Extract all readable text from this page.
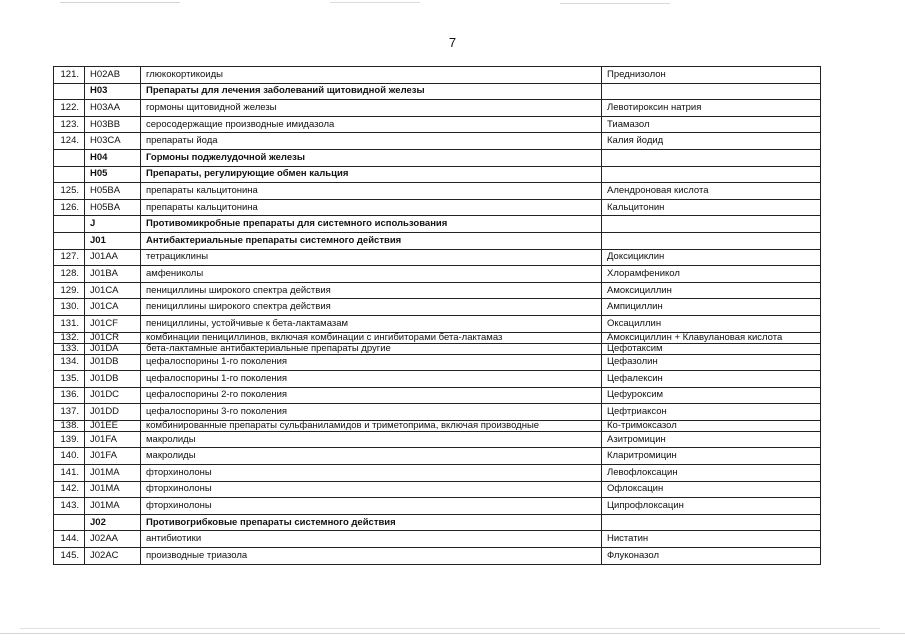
7
121.	H02AB	глюкокортикоиды	Преднизолон
	H03	Препараты для лечения заболеваний щитовидной железы	
122.	H03AA	гормоны щитовидной железы	Левотироксин натрия
123.	H03BB	серосодержащие производные имидазола	Тиамазол
124.	H03CA	препараты йода	Калия йодид
	H04	Гормоны поджелудочной железы	
	H05	Препараты, регулирующие обмен кальция	
125.	H05BA	препараты кальцитонина	Алендроновая кислота
126.	H05BA	препараты кальцитонина	Кальцитонин
	J	Противомикробные препараты для системного использования	
	J01	Антибактериальные препараты системного действия	
127.	J01AA	тетрациклины	Доксициклин
128.	J01BA	амфениколы	Хлорамфеникол
129.	J01CA	пенициллины широкого спектра действия	Амоксициллин
130.	J01CA	пенициллины широкого спектра действия	Ампициллин
131.	J01CF	пенициллины, устойчивые к бета-лактамазам	Оксациллин
132.	J01CR	комбинации пенициллинов, включая комбинации с ингибиторами бета-лактамаз	Амоксициллин + Клавулановая кислота
133.	J01DA	бета-лактамные антибактериальные препараты другие	Цефотаксим
134.	J01DB	цефалоспорины 1-го поколения	Цефазолин
135.	J01DB	цефалоспорины 1-го поколения	Цефалексин
136.	J01DC	цефалоспорины 2-го поколения	Цефуроксим
137.	J01DD	цефалоспорины 3-го поколения	Цефтриаксон
138.	J01EE	комбинированные препараты сульфаниламидов и триметоприма, включая производные	Ко-тримоксазол
139.	J01FA	макролиды	Азитромицин
140.	J01FA	макролиды	Кларитромицин
141.	J01MA	фторхинолоны	Левофлоксацин
142.	J01MA	фторхинолоны	Офлоксацин
143.	J01MA	фторхинолоны	Ципрофлоксацин
	J02	Противогрибковые препараты системного действия	
144.	J02AA	антибиотики	Нистатин
145.	J02AC	производные триазола	Флуконазол
